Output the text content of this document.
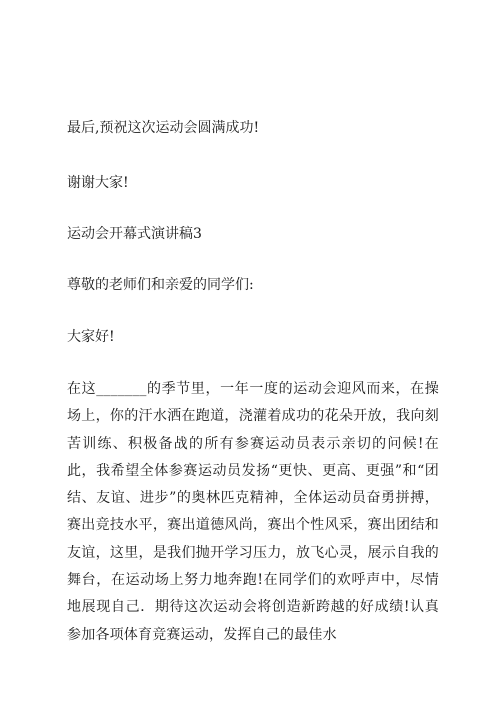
最后,预祝这次运动会圆满成功!
谢谢大家!
运动会开幕式演讲稿3
尊敬的老师们和亲爱的同学们:
大家好!
在这_______的季节里，一年一度的运动会迎风而来，在操场上，你的汗水洒在跑道，浇灌着成功的花朵开放，我向刻苦训练、积极备战的所有参赛运动员表示亲切的问候!在此，我希望全体参赛运动员发扬“更快、更高、更强”和“团结、友谊、进步”的奥林匹克精神，全体运动员奋勇拼搏，赛出竞技水平，赛出道德风尚，赛出个性风采，赛出团结和友谊，这里，是我们抛开学习压力，放飞心灵，展示自我的舞台，在运动场上努力地奔跑!在同学们的欢呼声中，尽情地展现自己．期待这次运动会将创造新跨越的好成绩!认真参加各项体育竞赛运动，发挥自己的最佳水
